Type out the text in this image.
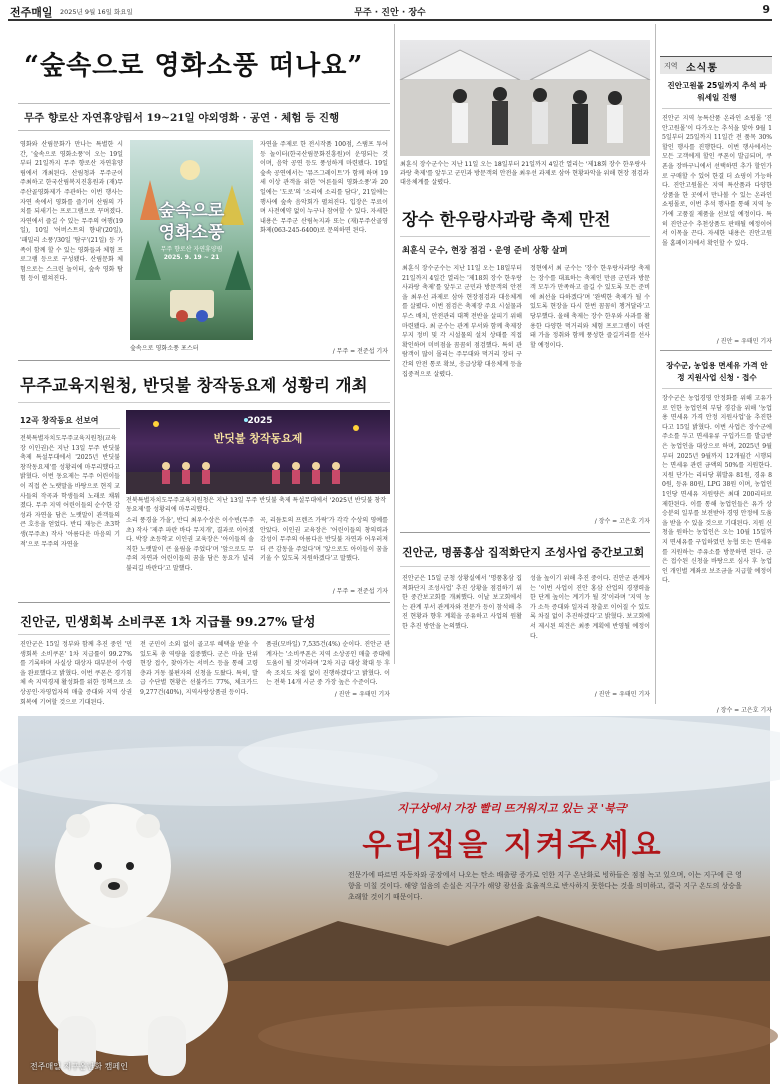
전주매일 2025년 9월 16일 화요일	무주 · 진안 · 장수	9
“숲속으로 영화소풍 떠나요”
무주 향로산 자연휴양림서 19~21일 야외영화 · 공연 · 체험 등 진행
영화와 산림문화가 만나는 특별한 시간, '숲속으로 영화소풍'이 오는 19일부터 21일까지 무주 향로산 자연휴양림에서 개최된다. 산림청과 무주군이 주최하고 한국산림복지진흥원과 (재)무주산골영화제가 주관하는 이번 행사는 자연 속에서 영화를 즐기며 산림의 가치를 되새기는 프로그램으로 꾸며졌다. 자연에서 즐길 수 있는 무주의 여행(19일), 10일 '어버스트의 향내'(20일), '패밀리 소풍'/30일 '탐구'(21일) 등 가족이 함께 할 수 있는 영화들과 체험 프로그램 등으로 구성됐다. 산림문화 체험으로는 스크린 놀이터, 숲속 영화 탐험 등이 펼쳐진다.
숲속으로
영화소풍
무주 향로산 자연휴양림
2025. 9. 19 ~ 21
숲속으로 영화소풍 포스터
자연을 주제로 한 전시작품 100점, 스탬프 투어 등 놀이터(한국산림문화진흥원)이 운영되는 것이며, 음악 공연 등도 풍성하게 마련됐다. 19일 숲속 공연에서는 '뮤즈그레이트'가 함께 하며 19세 이상 관객을 위한 '어른들의 영화소풍'과 20일에는 '도로'의 '소리에 소리를 담다', 21일에는 행사에 숲속 음악회가 펼쳐진다. 입장은 무료이며 사전예약 없이 누구나 참여할 수 있다. 자세한 내용은 무주군 산림녹지과 또는 (재)무주산골영화제(063-245-6400)로 문의하면 된다.
/ 무주 = 전준섭 기자
무주교육지원청, 반딧불 창작동요제 성황리 개최
12곡 창작동요 선보여
전북특별자치도무주교육지원청(교육장 이인권)은 지난 13일 무주 반딧불 축제 특설무대에서 '2025년 반딧불 창작동요제'를 성황리에 마무리했다고 밝혔다. 이번 동요제는 무주 어린이들이 직접 쓴 노랫말을 바탕으로 현직 교사들의 작곡과 학생들의 노래로 채워졌다. 무주 지역 어린이들의 순수한 감성과 자연을 담은 노랫말이 관객들의 큰 호응을 얻었다. 반디 재능은 초3학생(무주초) 작사 '아름다운 마음의 기적'으로 무주의 자연을
2025
반딧불 창작동요제
전북특별자치도무주교육지원청은 지난 13일 무주 반딧불 축제 특설무대에서 '2025년 반딧불 창작동요제'를 성황리에 마무리했다.
소리 풍경을 가을', 반디 최우수상은 이수빈(무주초) 작사 '제주 파란 바다 무지개', 결과로 이어졌다. 박장 초등학교 이인권 교육장은 '아이들의 솔직한 노랫말이 큰 울림을 주었다'며 '앞으로도 무주의 자연과 어린이들의 꿈을 담은 동요가 널리 불리길 바란다'고 말했다.
곡, 리듬토의 프렌즈 가락'가 각각 수상의 영예를 안았다. 이인권 교육장은 '어린이들의 창의력과 감성이 무주의 아름다운 반딧불 자연과 어우러져 더 큰 감동을 주었다'며 '앞으로도 아이들이 꿈을 키울 수 있도록 지원하겠다'고 말했다.
/ 무주 = 전준섭 기자
진안군, 민생회복 소비쿠폰 1차 지급률 99.27% 달성
진안군은 15일 정부와 함께 추진 중인 '민생회복 소비쿠폰' 1차 지급률이 99.27%를 기록하며 사실상 대상자 대부분이 수령을 완료했다고 밝혔다. 이번 쿠폰은 경기침체 속 지역경제 활성화를 위한 정책으로 소상공인·자영업자의 매출 증대와 지역 상권 회복에 기여할 것으로 기대된다.
전 군민이 소외 없이 골고루 혜택을 받을 수 있도록 총 역량을 집중했다. 군은 마을 단위 현장 접수, 찾아가는 서비스 등을 통해 고령층과 거동 불편자의 신청을 도왔다. 특히, 발급 수단별 현황은 선불카드 77%, 체크카드 9,277건(40%), 지역사랑상품권 등이다.
품권(모바일) 7,535건(4%) 순이다. 진안군 관계자는 '소비쿠폰은 지역 소상공인 매출 증대에 도움이 될 것'이라며 '2차 지급 대상 확대 등 후속 조치도 차질 없이 진행하겠다'고 밝혔다. 이는 전북 14개 시군 중 가장 높은 수준이다.
/ 진안 = 우태민 기자
최훈식 장수군수는 지난 11일 오는 18일부터 21일까지 4일간 열리는 '제18회 장수 한우랑사과랑 축제'를 앞두고 군민과 방문객의 안전을 최우선 과제로 삼아 현황파악을 위해 현장 점검과 대응체계를 살폈다.
장수 한우랑사과랑 축제 만전
최훈식 군수, 현장 점검 · 운영 준비 상황 살펴
최훈식 장수군수는 지난 11일 오는 18일부터 21일까지 4일간 열리는 '제18회 장수 한우랑사과랑 축제'를 앞두고 군민과 방문객의 안전을 최우선 과제로 삼아 현장점검과 대응체계를 살폈다. 이번 점검은 축제장 주요 시설물과 부스 배치, 안전관리 대책 전반을 살피기 위해 마련됐다. 최 군수는 관계 부서와 함께 축제장 부지 정비 및 각 시설물의 설치 상태를 직접 확인하며 미비점을 꼼꼼히 점검했다. 특히 관람객이 많이 몰리는 주무대와 먹거리 장터 구간의 안전 통로 확보, 응급상황 대응체계 등을 집중적으로 살폈다.
정현에서 최 군수는 '장수 한우랑사과랑 축제는 장수를 대표하는 축제인 만큼 군민과 방문객 모두가 만족하고 즐길 수 있도록 모든 준비에 최선을 다하겠다'며 '완벽한 축제가 될 수 있도록 현장을 다시 한번 꼼꼼히 챙겨달라'고 당부했다. 올해 축제는 장수 한우와 사과를 활용한 다양한 먹거리와 체험 프로그램이 마련돼 가을 정취와 함께 풍성한 즐길거리를 선사할 예정이다.
/ 장수 = 고은호 기자
진안군, 명품홍삼 집적화단지 조성사업 중간보고회
진안군은 15일 군청 상황실에서 '명품홍삼 집적화단지 조성사업' 추진 상황을 점검하기 위한 중간보고회를 개최했다. 이날 보고회에서는 관계 부서 관계자와 전문가 등이 참석해 추진 현황과 향후 계획을 공유하고 사업의 원활한 추진 방안을 논의했다.
성을 높이기 위해 추진 중이다. 진안군 관계자는 '이번 사업이 진안 홍삼 산업의 경쟁력을 한 단계 높이는 계기가 될 것'이라며 '지역 농가 소득 증대와 일자리 창출로 이어질 수 있도록 차질 없이 추진하겠다'고 밝혔다. 보고회에서 제시된 의견은 최종 계획에 반영될 예정이다.
/ 진안 = 우태민 기자
지역 소식통
진안고원몰 25일까지 추석 파워세일 진행
진안군 지역 농특산품 온라인 쇼핑몰 '진안고원몰'이 다가오는 추석을 맞아 9월 15일부터 25일까지 11일간 전 품목 30% 할인 행사를 진행한다. 이번 행사에서는 모든 고객에게 할인 쿠폰이 발급되며, 쿠폰을 장바구니에서 선택하면 추가 할인가로 구매할 수 있어 한결 더 쇼핑이 가능하다. 진안고원몰은 지역 특산품과 다양한 상품을 한 곳에서 만나볼 수 있는 온라인 쇼핑몰로, 이번 추석 행사를 통해 지역 농가에 고품질 제품을 선보일 예정이다. 특히 진안군수 추천상품도 판매될 예정이어서 이목을 끈다. 자세한 내용은 진안고원몰 홈페이지에서 확인할 수 있다.
/ 진안 = 우태민 기자
장수군, 농업용 면세유 가격 안정 지원사업 신청 · 접수
장수군은 농업경영 안정화를 위해 고유가로 인한 농업인의 부담 경감을 위해 '농업용 면세유 가격 안정 지원사업'을 추진한다고 15일 밝혔다. 이번 사업은 장수군에 주소를 두고 면세유류 구입카드를 발급받은 농업인을 대상으로 하며, 2025년 9월부터 2025년 9월까지 12개월간 시행되는 면세유 관련 금액의 50%를 지원한다. 지원 단가는 리터당 휘발유 81원, 경유 80원, 등유 80원, LPG 38원 이며, 농업인 1인당 면세유 지원량은 최대 200리터로 제한된다. 이를 통해 농업인들은 유가 상승분의 일부를 보전받아 경영 안정에 도움을 받을 수 있을 것으로 기대된다. 지원 신청을 원하는 농업인은 오는 10월 15일까지 면세유를 구입하였던 농협 또는 면세유를 지원하는 주유소를 방문하면 된다. 군은 접수된 신청을 바탕으로 심사 후 농업인 개인별 계좌로 보조금을 지급할 예정이다.
/ 장수 = 고은호 기자
지구상에서 가장 빨리 뜨거워지고 있는 곳 '북극'
우리집을 지켜주세요
전문가에 따르면 자동차와 공장에서 나오는 탄소 배출량 증가로 인한 지구 온난화로 빙하들은 점점 녹고 있으며, 이는 지구에 큰 영향을 미칠 것이다. 해양 얼음의 손실은 지구가 해양 광선을 효율적으로 반사하지 못한다는 것을 의미하고, 결국 지구 온도의 상승을 초래할 것이기 때문이다.
전주매일 지구온난화 캠페인
